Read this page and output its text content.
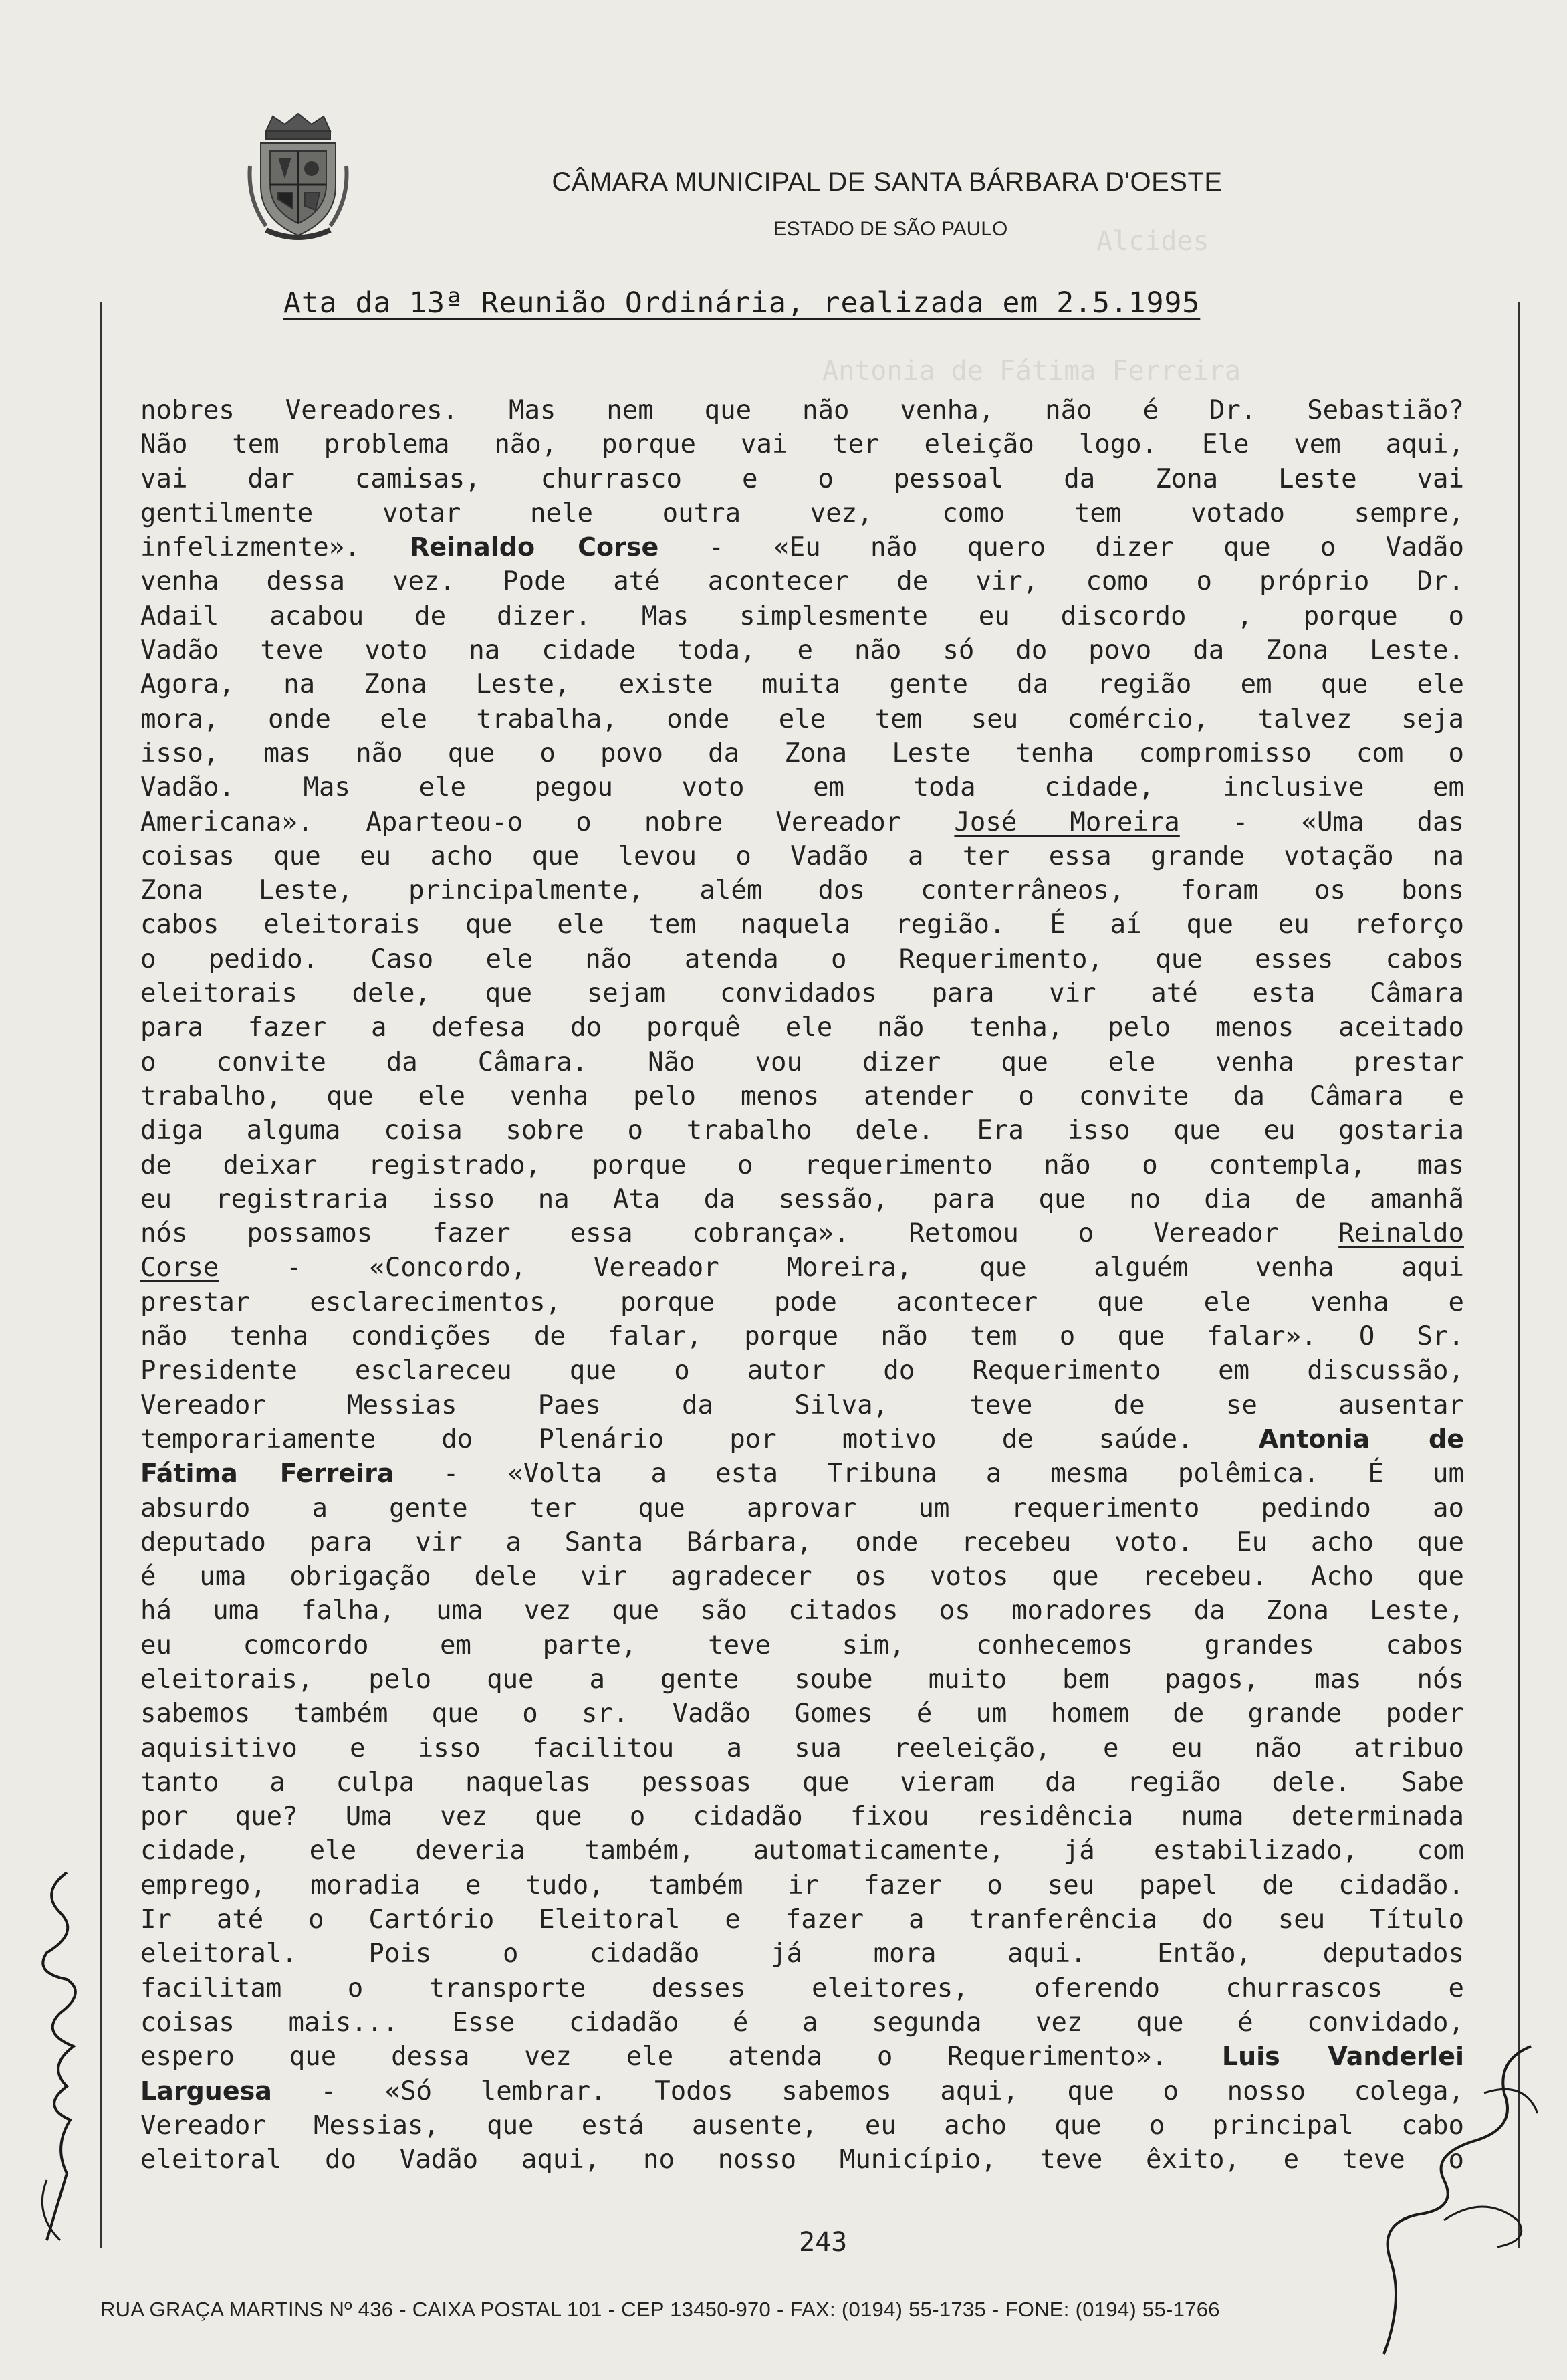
Alcides
Antonia de Fátima Ferreira
CÂMARA MUNICIPAL DE SANTA BÁRBARA D'OESTE
ESTADO DE SÃO PAULO
Ata da 13ª Reunião Ordinária, realizada em 2.5.1995
nobres Vereadores. Mas nem que não venha, não é Dr. Sebastião?
Não tem problema não, porque vai ter eleição logo. Ele vem aqui,
vai dar camisas, churrasco e o pessoal da Zona Leste vai
gentilmente votar nele outra vez, como tem votado sempre,
infelizmente». Reinaldo Corse - «Eu não quero dizer que o Vadão
venha dessa vez. Pode até acontecer de vir, como o próprio Dr.
Adail acabou de dizer. Mas simplesmente eu discordo , porque o
Vadão teve voto na cidade toda, e não só do povo da Zona Leste.
Agora, na Zona Leste, existe muita gente da região em que ele
mora, onde ele trabalha, onde ele tem seu comércio, talvez seja
isso, mas não que o povo da Zona Leste tenha compromisso com o
Vadão. Mas ele pegou voto em toda cidade, inclusive em
Americana». Aparteou-o o nobre Vereador José Moreira - «Uma das
coisas que eu acho que levou o Vadão a ter essa grande votação na
Zona Leste, principalmente, além dos conterrâneos, foram os bons
cabos eleitorais que ele tem naquela região. É aí que eu reforço
o pedido. Caso ele não atenda o Requerimento, que esses cabos
eleitorais dele, que sejam convidados para vir até esta Câmara
para fazer a defesa do porquê ele não tenha, pelo menos aceitado
o convite da Câmara. Não vou dizer que ele venha prestar
trabalho, que ele venha pelo menos atender o convite da Câmara e
diga alguma coisa sobre o trabalho dele. Era isso que eu gostaria
de deixar registrado, porque o requerimento não o contempla, mas
eu registraria isso na Ata da sessão, para que no dia de amanhã
nós possamos fazer essa cobrança». Retomou o Vereador Reinaldo
Corse	- «Concordo, Vereador Moreira, que alguém venha aqui
prestar esclarecimentos, porque pode acontecer que ele venha e
não tenha condições de falar, porque não tem o que falar». O Sr.
Presidente esclareceu que o autor do Requerimento em discussão,
Vereador Messias Paes da Silva, teve de se ausentar
temporariamente do Plenário por motivo de saúde.	Antonia de
Fátima Ferreira - «Volta a esta Tribuna a mesma polêmica. É um
absurdo a gente ter que aprovar um requerimento pedindo ao
deputado para vir a Santa Bárbara, onde recebeu voto. Eu acho que
é uma obrigação dele vir agradecer os votos que recebeu. Acho que
há uma falha, uma vez que são citados os moradores da Zona Leste,
eu comcordo em parte, teve sim, conhecemos grandes cabos
eleitorais, pelo que a gente soube muito bem pagos, mas nós
sabemos também que o sr. Vadão Gomes é um homem de grande poder
aquisitivo e isso facilitou a sua reeleição, e eu não atribuo
tanto a culpa naquelas pessoas que vieram da região dele. Sabe
por que? Uma vez que o cidadão fixou residência numa determinada
cidade, ele deveria também, automaticamente, já estabilizado, com
emprego, moradia e tudo, também ir fazer o seu papel de cidadão.
Ir até o Cartório Eleitoral e fazer a tranferência do seu Título
eleitoral. Pois o cidadão já mora aqui. Então, deputados
facilitam o transporte desses eleitores, oferendo churrascos e
coisas mais... Esse cidadão é a segunda vez que é convidado,
espero que dessa vez ele atenda o Requerimento». Luis Vanderlei
Larguesa - «Só lembrar. Todos sabemos aqui, que o nosso colega,
Vereador Messias, que está ausente, eu acho que o principal cabo
eleitoral do Vadão aqui, no nosso Município, teve êxito, e teve o
243
RUA GRAÇA MARTINS Nº 436 - CAIXA POSTAL 101 - CEP 13450-970 - FAX: (0194) 55-1735 - FONE: (0194) 55-1766
